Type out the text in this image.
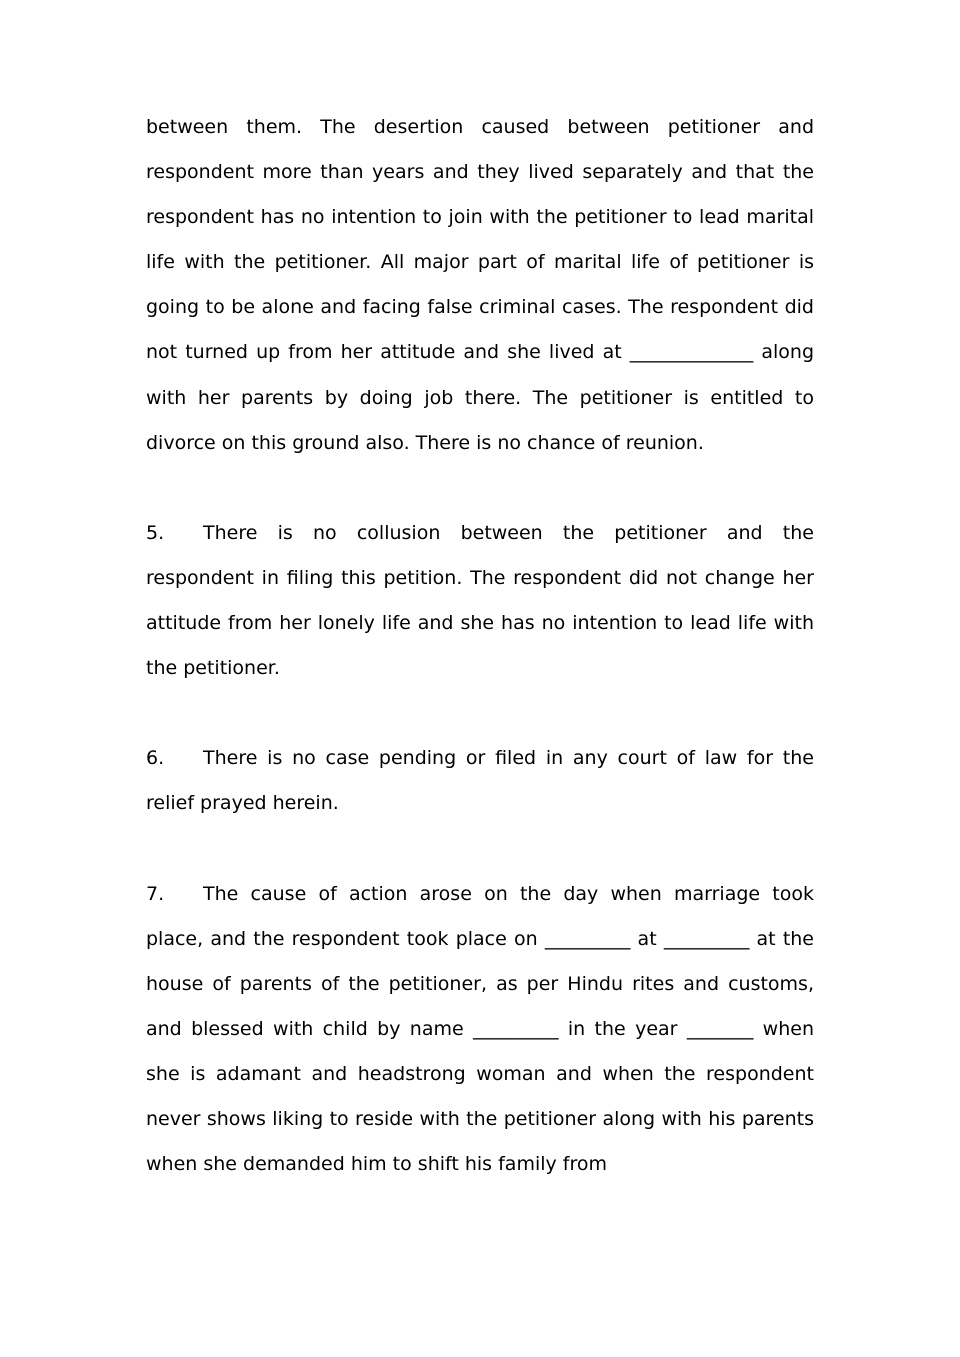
between them. The desertion caused between petitioner and respondent more than years and they lived separately and that the respondent has no intention to join with the petitioner to lead marital life with the petitioner. All major part of marital life of petitioner is going to be alone and facing false criminal cases. The respondent did not turned up from her attitude and she lived at _____________ along with her parents by doing job there. The petitioner is entitled to divorce on this ground also. There is no chance of reunion.

5. There is no collusion between the petitioner and the respondent in filing this petition. The respondent did not change her attitude from her lonely life and she has no intention to lead life with the petitioner.

6. There is no case pending or filed in any court of law for the relief prayed herein.

7. The cause of action arose on the day when marriage took place, and the respondent took place on _________ at _________ at the house of parents of the petitioner, as per Hindu rites and customs, and blessed with child by name _________ in the year _______ when she is adamant and headstrong woman and when the respondent never shows liking to reside with the petitioner along with his parents when she demanded him to shift his family from
